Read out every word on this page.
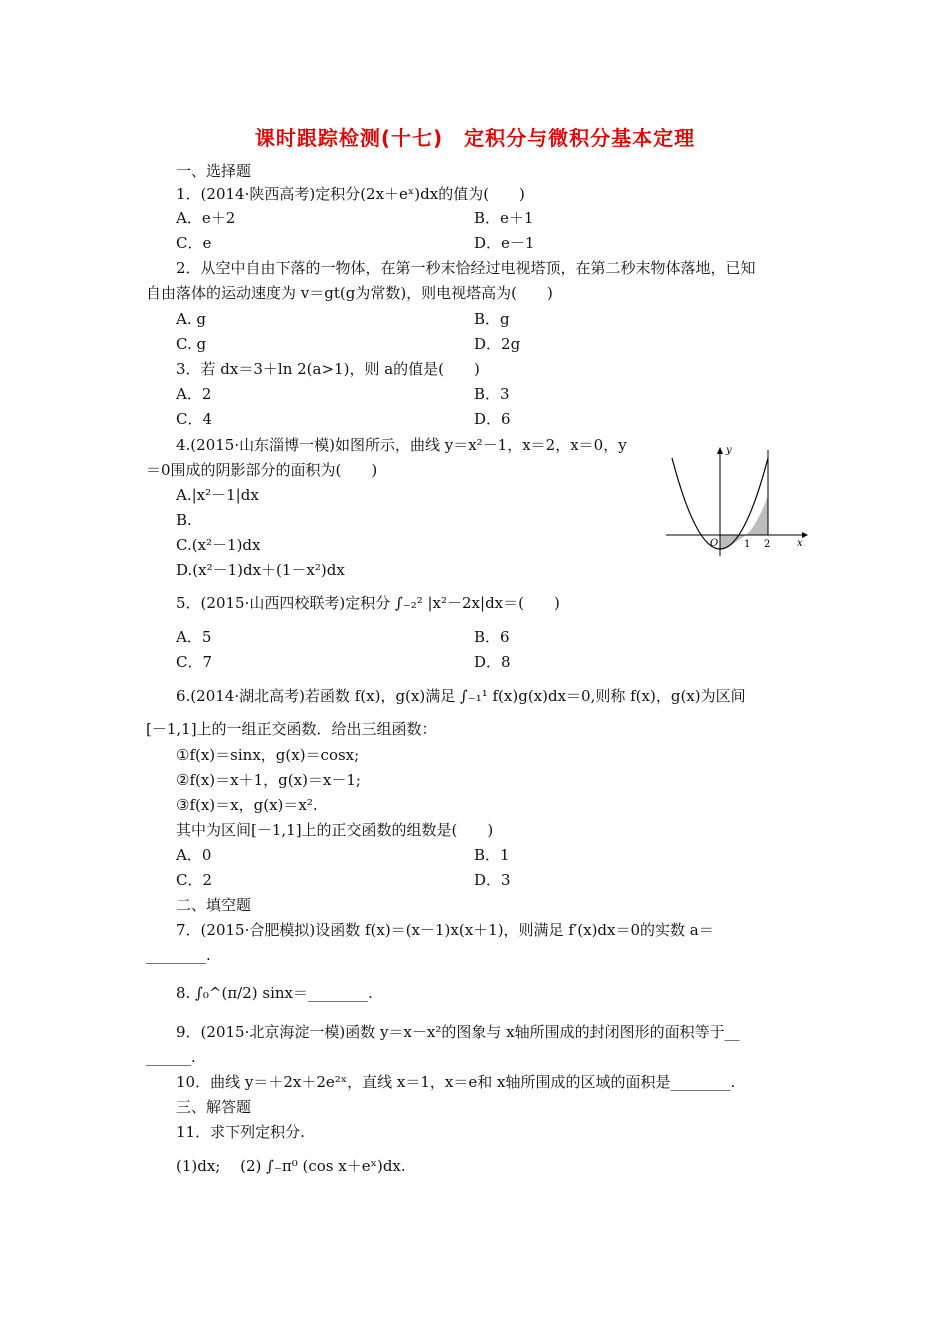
课时跟踪检测(十七)　定积分与微积分基本定理
一、选择题
1．(2014·陕西高考)定积分(2x＋eˣ)dx的值为(　　)
A．e＋2	B．e＋1
C．e	D．e－1
2．从空中自由下落的一物体，在第一秒末恰经过电视塔顶，在第二秒末物体落地，已知
自由落体的运动速度为 v＝gt(g为常数)，则电视塔高为(　　)
A. g	B．g
C. g	D．2g
3．若 dx＝3＋ln 2(a>1)，则 a的值是(　　)
A．2	B．3
C．4	D．6
4.(2015·山东淄博一模)如图所示，曲线 y＝x²－1，x＝2，x＝0，y
＝0围成的阴影部分的面积为(　　)
A.|x²－1|dx
B.
C.(x²－1)dx
D.(x²－1)dx＋(1－x²)dx
y
x
O	1 2
5．(2015·山西四校联考)定积分 ∫₋₂² |x²－2x|dx＝(　　)
A．5	B．6
C．7	D．8
6.(2014·湖北高考)若函数 f(x)，g(x)满足 ∫₋₁¹ f(x)g(x)dx＝0,则称 f(x)，g(x)为区间
[－1,1]上的一组正交函数．给出三组函数：
①f(x)＝sinx，g(x)＝cosx;
②f(x)＝x＋1，g(x)＝x－1;
③f(x)＝x，g(x)＝x².
其中为区间[－1,1]上的正交函数的组数是(　　)
A．0	B．1
C．2	D．3
二、填空题
7．(2015·合肥模拟)设函数 f(x)＝(x－1)x(x＋1)，则满足 f′(x)dx＝0的实数 a＝
________.
8. ∫₀^(π/2) sinx＝________.
9．(2015·北京海淀一模)函数 y＝x－x²的图象与 x轴所围成的封闭图形的面积等于__
______.
10．曲线 y＝＋2x＋2e²ˣ，直线 x＝1，x＝e和 x轴所围成的区域的面积是________.
三、解答题
11．求下列定积分.
(1)dx;　 (2) ∫₋π⁰ (cos x＋eˣ)dx.
